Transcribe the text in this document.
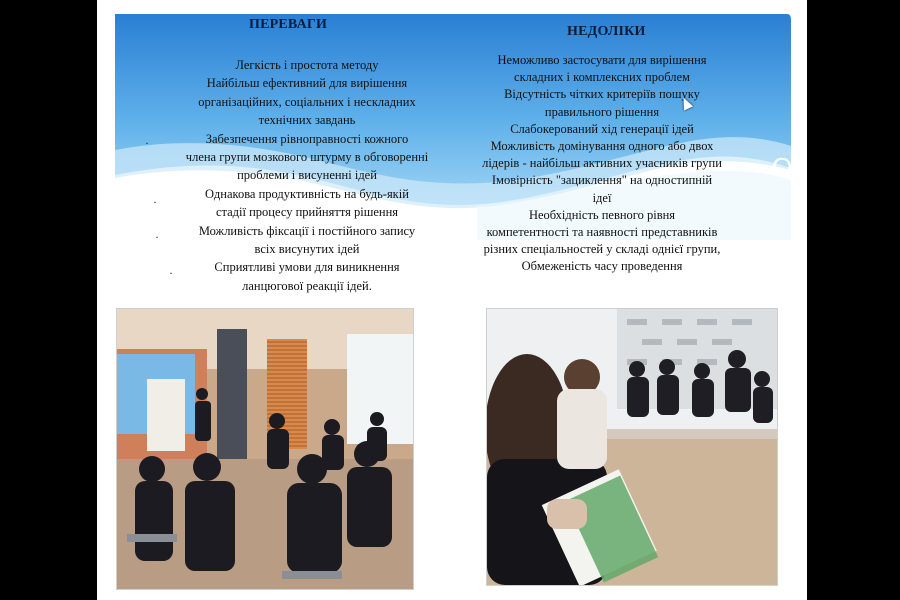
ПЕРЕВАГИ	НЕДОЛІКИ
Легкість і простота методу
Найбільш ефективний для вирішення
організаційних, соціальних і нескладних
технічних завдань
Забезпечення рівноправності кожного
члена групи мозкового штурму в обговоренні
проблеми і висуненні ідей
Однакова продуктивність на будь-якій
стадії процесу прийняття рішення
Можливість фіксації і постійного запису
всіх висунутих ідей
Сприятливі умови для виникнення
ланцюгової реакції ідей.
·
·
·
·
Неможливо застосувати для вирішення
складних і комплексних проблем
Відсутність чітких критеріїв пошуку
правильного рішення
Слабокерований хід генерації ідей
Можливість домінування одного або двох
лідерів - найбільш активних учасників групи
Імовірність "зациклення" на одностипній
ідеї
Необхідність певного рівня
компетентності та наявності представників
різних спеціальностей у складі однієї групи,
Обмеженість часу проведення
O
